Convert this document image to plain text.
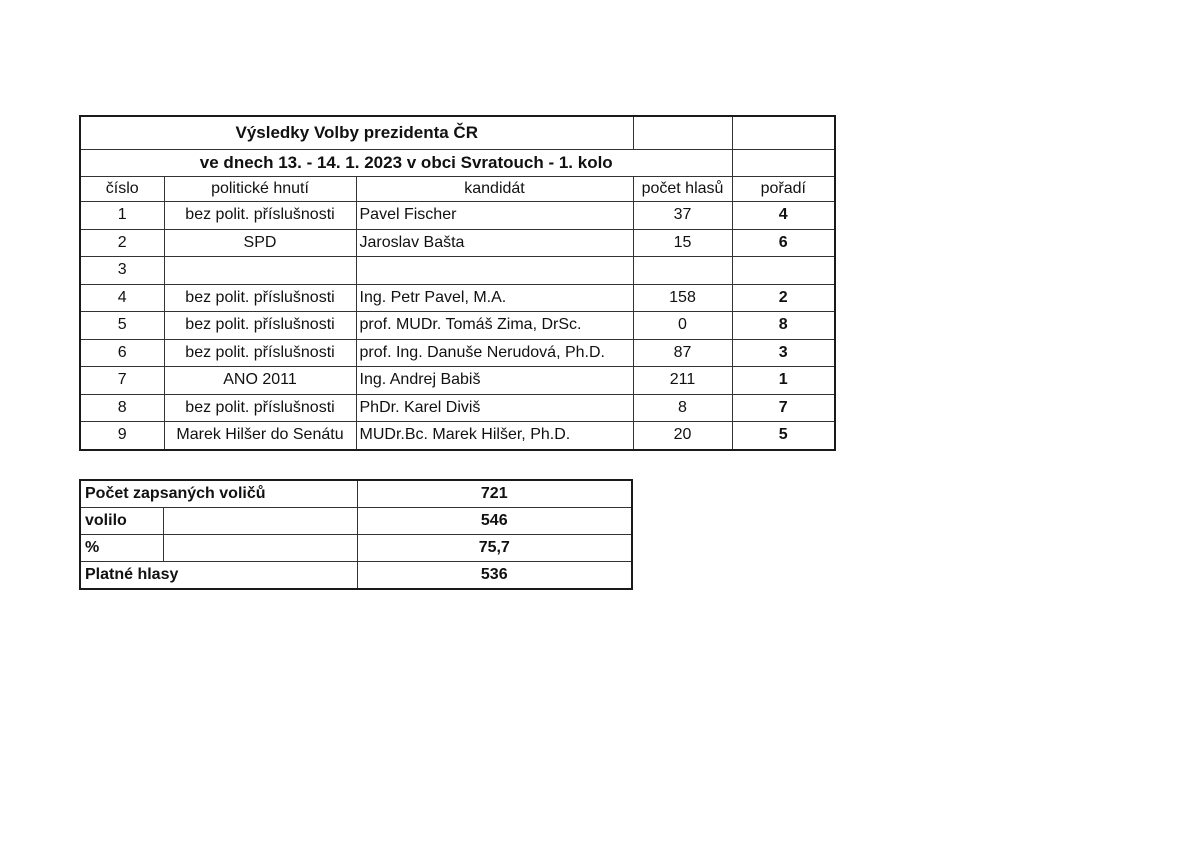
Výsledky Volby prezidenta ČR				
ve dnech 13. - 14. 1. 2023 v obci Svratouch - 1. kolo				
číslo	politické hnutí	kandidát	počet hlasů	pořadí
1	bez polit. příslušnosti	Pavel Fischer	37	4
2	SPD	Jaroslav Bašta	15	6
3				
4	bez polit. příslušnosti	Ing. Petr Pavel, M.A.	158	2
5	bez polit. příslušnosti	prof. MUDr. Tomáš Zima, DrSc.	0	8
6	bez polit. příslušnosti	prof. Ing. Danuše Nerudová, Ph.D.	87	3
7	ANO 2011	Ing. Andrej Babiš	211	1
8	bez polit. příslušnosti	PhDr. Karel Diviš	8	7
9	Marek Hilšer do Senátu	MUDr.Bc. Marek Hilšer, Ph.D.	20	5
Počet zapsaných voličů		721
volilo		546
%		75,7
Platné hlasy		536
